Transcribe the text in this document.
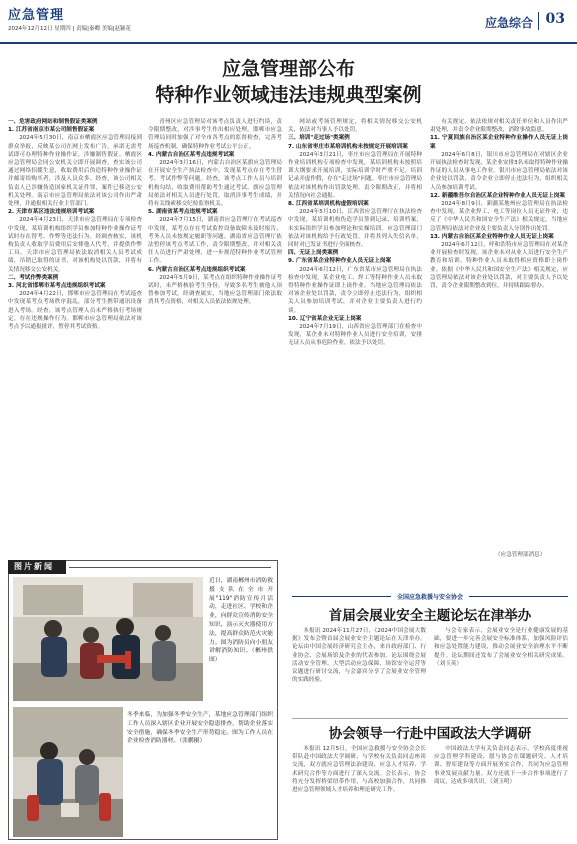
应急管理
2024年12月12日 星期四 | 责编|秦卿 美编|赵颖花	应急综合 03
应急管理部公布
特种作业领域违法违规典型案例

一、危害政府网站和制售假证类案例

1. 江苏省南京市某公司制售假证案

2024年5月30日，南京市栖霞区应急管理局接到群众举报，反映某公司在网上发布广告，承诺无需考试即可办理特种作业操作证，涉嫌制售假证。栖霞区应急管理局会同公安机关立即开展调查，查实该公司通过网络招揽生意，收取费用后伪造特种作业操作证并邮寄给购买者，涉及人员众多。经查，该公司相关负责人已涉嫌伪造国家机关证件罪，案件已移送公安机关处理。南京市应急管理局依法对该公司作出严肃处理，并通报相关行业主管部门。

2. 天津市某区违法违规培训考试案

2024年4月23日，天津市应急管理局在专项检查中发现，某培训机构组织学员参加特种作业操作证考试时存在替考、作弊等违法行为。经调查核实，该机构负责人收取学员费用后安排他人代考，并提供作弊工具。天津市应急管理局依法取消相关人员考试成绩，吊销已取得的证书，对该机构处以罚款，并将有关情况移交公安机关。

二、考试作弊类案例

3. 河北省邯郸市某考点违规组织考试案

2024年4月22日，邯郸市应急管理局在考试巡查中发现某考点考场秩序混乱，部分考生携带通讯设备进入考场。经查，该考点管理人员未严格执行考场规定，存在违规操作行为。邯郸市应急管理局依法对该考点予以通报批评，暂停其考试资格。

青州区应急管理局对该考点负责人进行约谈，责令限期整改，对涉事考生作出相应处理。邯郸市应急管理局同时加强了对全市各考点的监督检查，完善考场巡查机制，确保特种作业考试公平公正。

4. 内蒙古自治区某考点违规考试案

2024年3月16日，内蒙古自治区某旗应急管理局在开展安全生产执法检查中，发现某考点存在考生替考、考试作弊等问题。经查，该考点工作人员与培训机构勾结，收取费用帮助考生通过考试。旗应急管理局依法对相关人员进行处罚，取消涉事考生成绩，并将有关线索移交纪检监察机关。

5. 湖南省某考点违规考试案

2024年7月15日，湖南省应急管理厅在考试巡查中发现，某考点存在考试监控设备故障未及时报告、考务人员未按规定履职等问题。湖南省应急管理厅依法暂停该考点考试工作，责令限期整改，并对相关责任人员进行严肃处理，进一步规范特种作业考试管理工作。

6. 内蒙古自治区某考点违规组织考试案

2024年5月9日，某考点在组织特种作业操作证考试时，未严格核验考生身份，导致多名考生被他人顶替参加考试。经调查属实，当地应急管理部门依法取消其考点资格，对相关人员依法依规处理。

网站或考场管理规定，将相关情况移交公安机关，依法对当事人予以处罚。

三、培训"走过场"类案例

7. 山东省枣庄市某培训机构未按规定开展培训案

2024年3月21日，枣庄市应急管理局在开展特种作业培训机构专项检查中发现，某培训机构未按照培训大纲要求开展培训，实际培训学时严重不足，培训记录弄虚作假，存在"走过场"问题。枣庄市应急管理局依法对该机构作出罚款处理，责令限期改正，并将相关情况向社会通报。

8. 江西省某培训机构虚假培训案

2024年5月10日，江西省应急管理厅在执法检查中发现，某培训机构伪造学员签到记录、培训档案，未实际组织学员参加理论和实操培训。应急管理部门依法对该机构给予行政处罚，并将其列入失信名单，同时对已发证书进行全面核查。

四、无证上岗类案例

9. 广东省某企业特种作业人员无证上岗案

2024年6月12日，广东省某市应急管理局在执法检查中发现，某企业电工、焊工等特种作业人员未取得特种作业操作证即上岗作业。当地应急管理局依法对该企业处以罚款，责令立即停止违法行为，组织相关人员参加培训考试，并对企业主要负责人进行约谈。

10. 辽宁省某企业无证上岗案

2024年7月19日，山西省应急管理部门在检查中发现，某企业未对特种作业人员进行安全培训，安排无证人员从事危险作业，依法予以处罚。

有关规定，依法依规对相关责任单位和人员作出严肃处理，并责令企业限期整改，消除事故隐患。

11. 宁夏回族自治区某企业特种作业操作人员无证上岗案

2024年6月8日，银川市应急管理局在对辖区企业开展执法检查时发现，某企业安排3名未取得特种作业操作证的人员从事电工作业。银川市应急管理局依法对该企业处以罚款，责令企业立即停止违法行为，组织相关人员参加培训考试。

12. 新疆维吾尔自治区某企业特种作业人员无证上岗案

2024年8月9日，新疆某地州应急管理局在执法检查中发现，某企业焊工、电工等岗位人员无证作业，违反了《中华人民共和国安全生产法》相关规定。当地应急管理局依法对企业及主要负责人分别作出处罚。

13. 内蒙古自治区某企业特种作业人员无证上岗案

2024年6月12日，呼和浩特市应急管理局在对某企业开展检查时发现，该企业未对从业人员进行安全生产教育和培训，特种作业人员未取得相应资格即上岗作业。依据《中华人民共和国安全生产法》相关规定，应急管理局依法对该企业处以罚款，对主要负责人予以处罚，责令企业限期整改到位，并持续跟踪督办。

（应急管理部消息）
图片新闻
近日，湖南郴州市消防救援支队在全市开展"119"消防宣传月活动，走进社区、学校和企业，向群众宣传消防安全知识，演示灭火器使用方法，提高群众防范火灾能力。图为消防员向小朋友讲解消防知识。（郴州供图）
冬季来临，为加强冬季安全生产，某地应急管理部门组织工作人员深入辖区企业开展安全隐患排查，帮助企业落实安全措施，确保冬季安全生产形势稳定。图为工作人员在企业检查消防器材。（张鹏摄）
全国应急救援与安全协会
首届会展业安全主题论坛在津举办

本报讯 2024年11月27日，《2024中国会展大数据》发布会暨首届会展业安全主题论坛在天津举办。论坛由中国会展经济研究会主办，来自政府部门、行业协会、会展场馆及企业的代表参加。论坛围绕会展活动安全管理、大型活动应急保障、场馆安全运营等议题进行研讨交流，与会嘉宾分享了会展业安全管理的实践经验。

与会专家表示，会展业安全是行业健康发展的基础，要进一步完善会展安全标准体系，加强风险评估和应急处置能力建设，推动会展业安全治理水平不断提升。论坛期间还发布了会展业安全相关研究成果。（刘玉英）

协会领导一行赴中国政法大学调研

本报讯 12月5日，全国应急救援与安全协会会长带队赴中国政法大学调研，与学校有关负责同志座谈交流，双方就应急管理法治建设、应急人才培养、学术研究合作等方面进行了深入交流。会长表示，协会将充分发挥桥梁纽带作用，与高校加强合作，共同推进应急管理领域人才培养和理论研究工作。

中国政法大学有关负责同志表示，学校高度重视应急管理学科建设，愿与协会在课题研究、人才培训、智库建设等方面开展务实合作，共同为应急管理事业发展贡献力量。双方还就下一步合作事项进行了商议，达成多项共识。（刘玉明）
